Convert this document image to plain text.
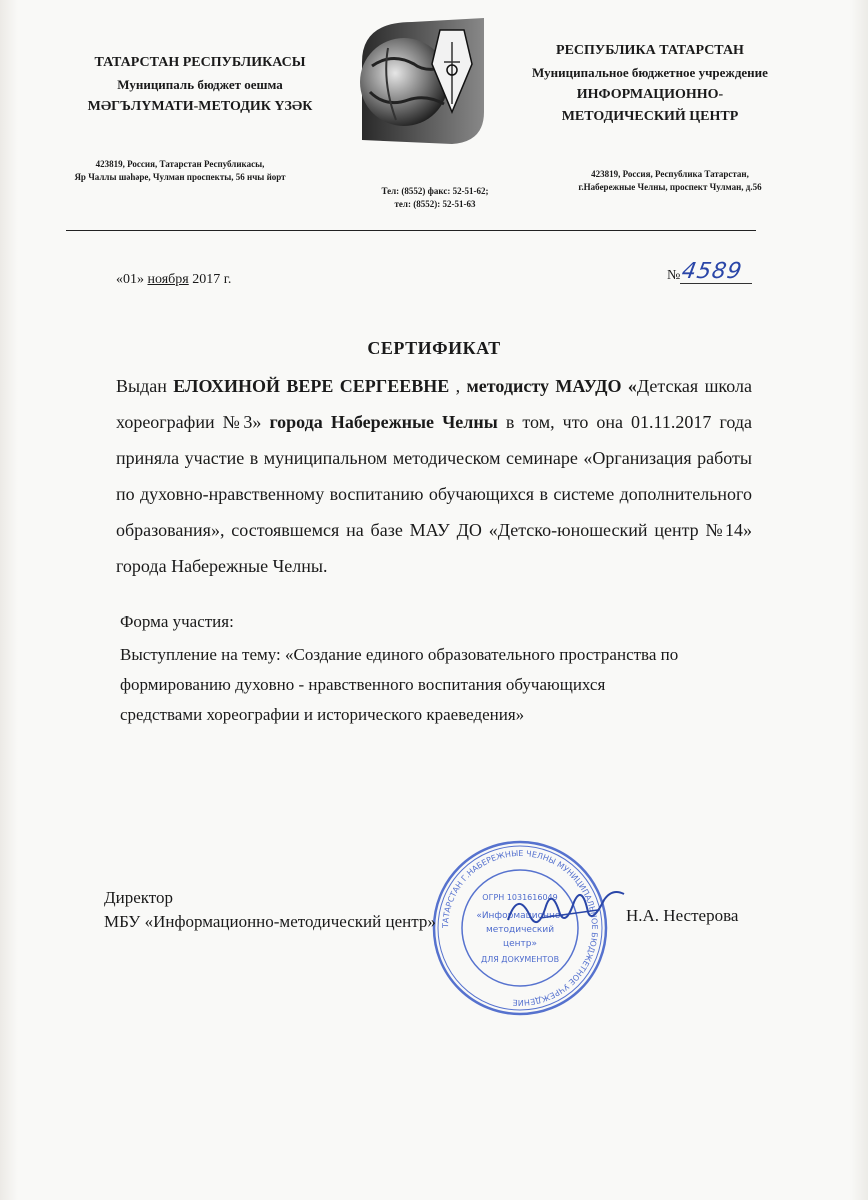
ТАТАРСТАН РЕСПУБЛИКАСЫ
Муниципаль бюджет оешма
МӘГЪЛҮМАТИ-МЕТОДИК ҮЗӘК
423819, Россия, Татарстан Республикасы,
Яр Чаллы шәһәре, Чулман проспекты, 56 нчы йорт
РЕСПУБЛИКА ТАТАРСТАН
Муниципальное бюджетное учреждение
ИНФОРМАЦИОННО-
МЕТОДИЧЕСКИЙ ЦЕНТР
423819, Россия, Республика Татарстан,
г.Набережные Челны, проспект Чулман, д.56
Тел: (8552) факс: 52-51-62;
тел: (8552): 52-51-63
«01» ноября 2017 г.	№ 4589
СЕРТИФИКАТ
Выдан ЕЛОХИНОЙ ВЕРЕ СЕРГЕЕВНЕ , методисту МАУДО «Детская школа хореографии №3» города Набережные Челны в том, что она 01.11.2017 года приняла участие в муниципальном методическом семинаре «Организация работы по духовно-нравственному воспитанию обучающихся в системе дополнительного образования», состоявшемся на базе МАУ ДО «Детско-юношеский центр №14» города Набережные Челны.
Форма участия:
Выступление на тему: «Создание единого образовательного пространства по
формированию духовно - нравственного воспитания обучающихся
средствами хореографии и исторического краеведения»
ТАТАРСТАН Г.НАБЕРЕЖНЫЕ ЧЕЛНЫ МУНИЦИПАЛЬНОЕ БЮДЖЕТНОЕ УЧРЕЖДЕНИЕ
ОГРН 1031616049
«Информационно-
методический
центр»
ДЛЯ ДОКУМЕНТОВ
Директор
МБУ «Информационно-методический центр»	Н.А. Нестерова
